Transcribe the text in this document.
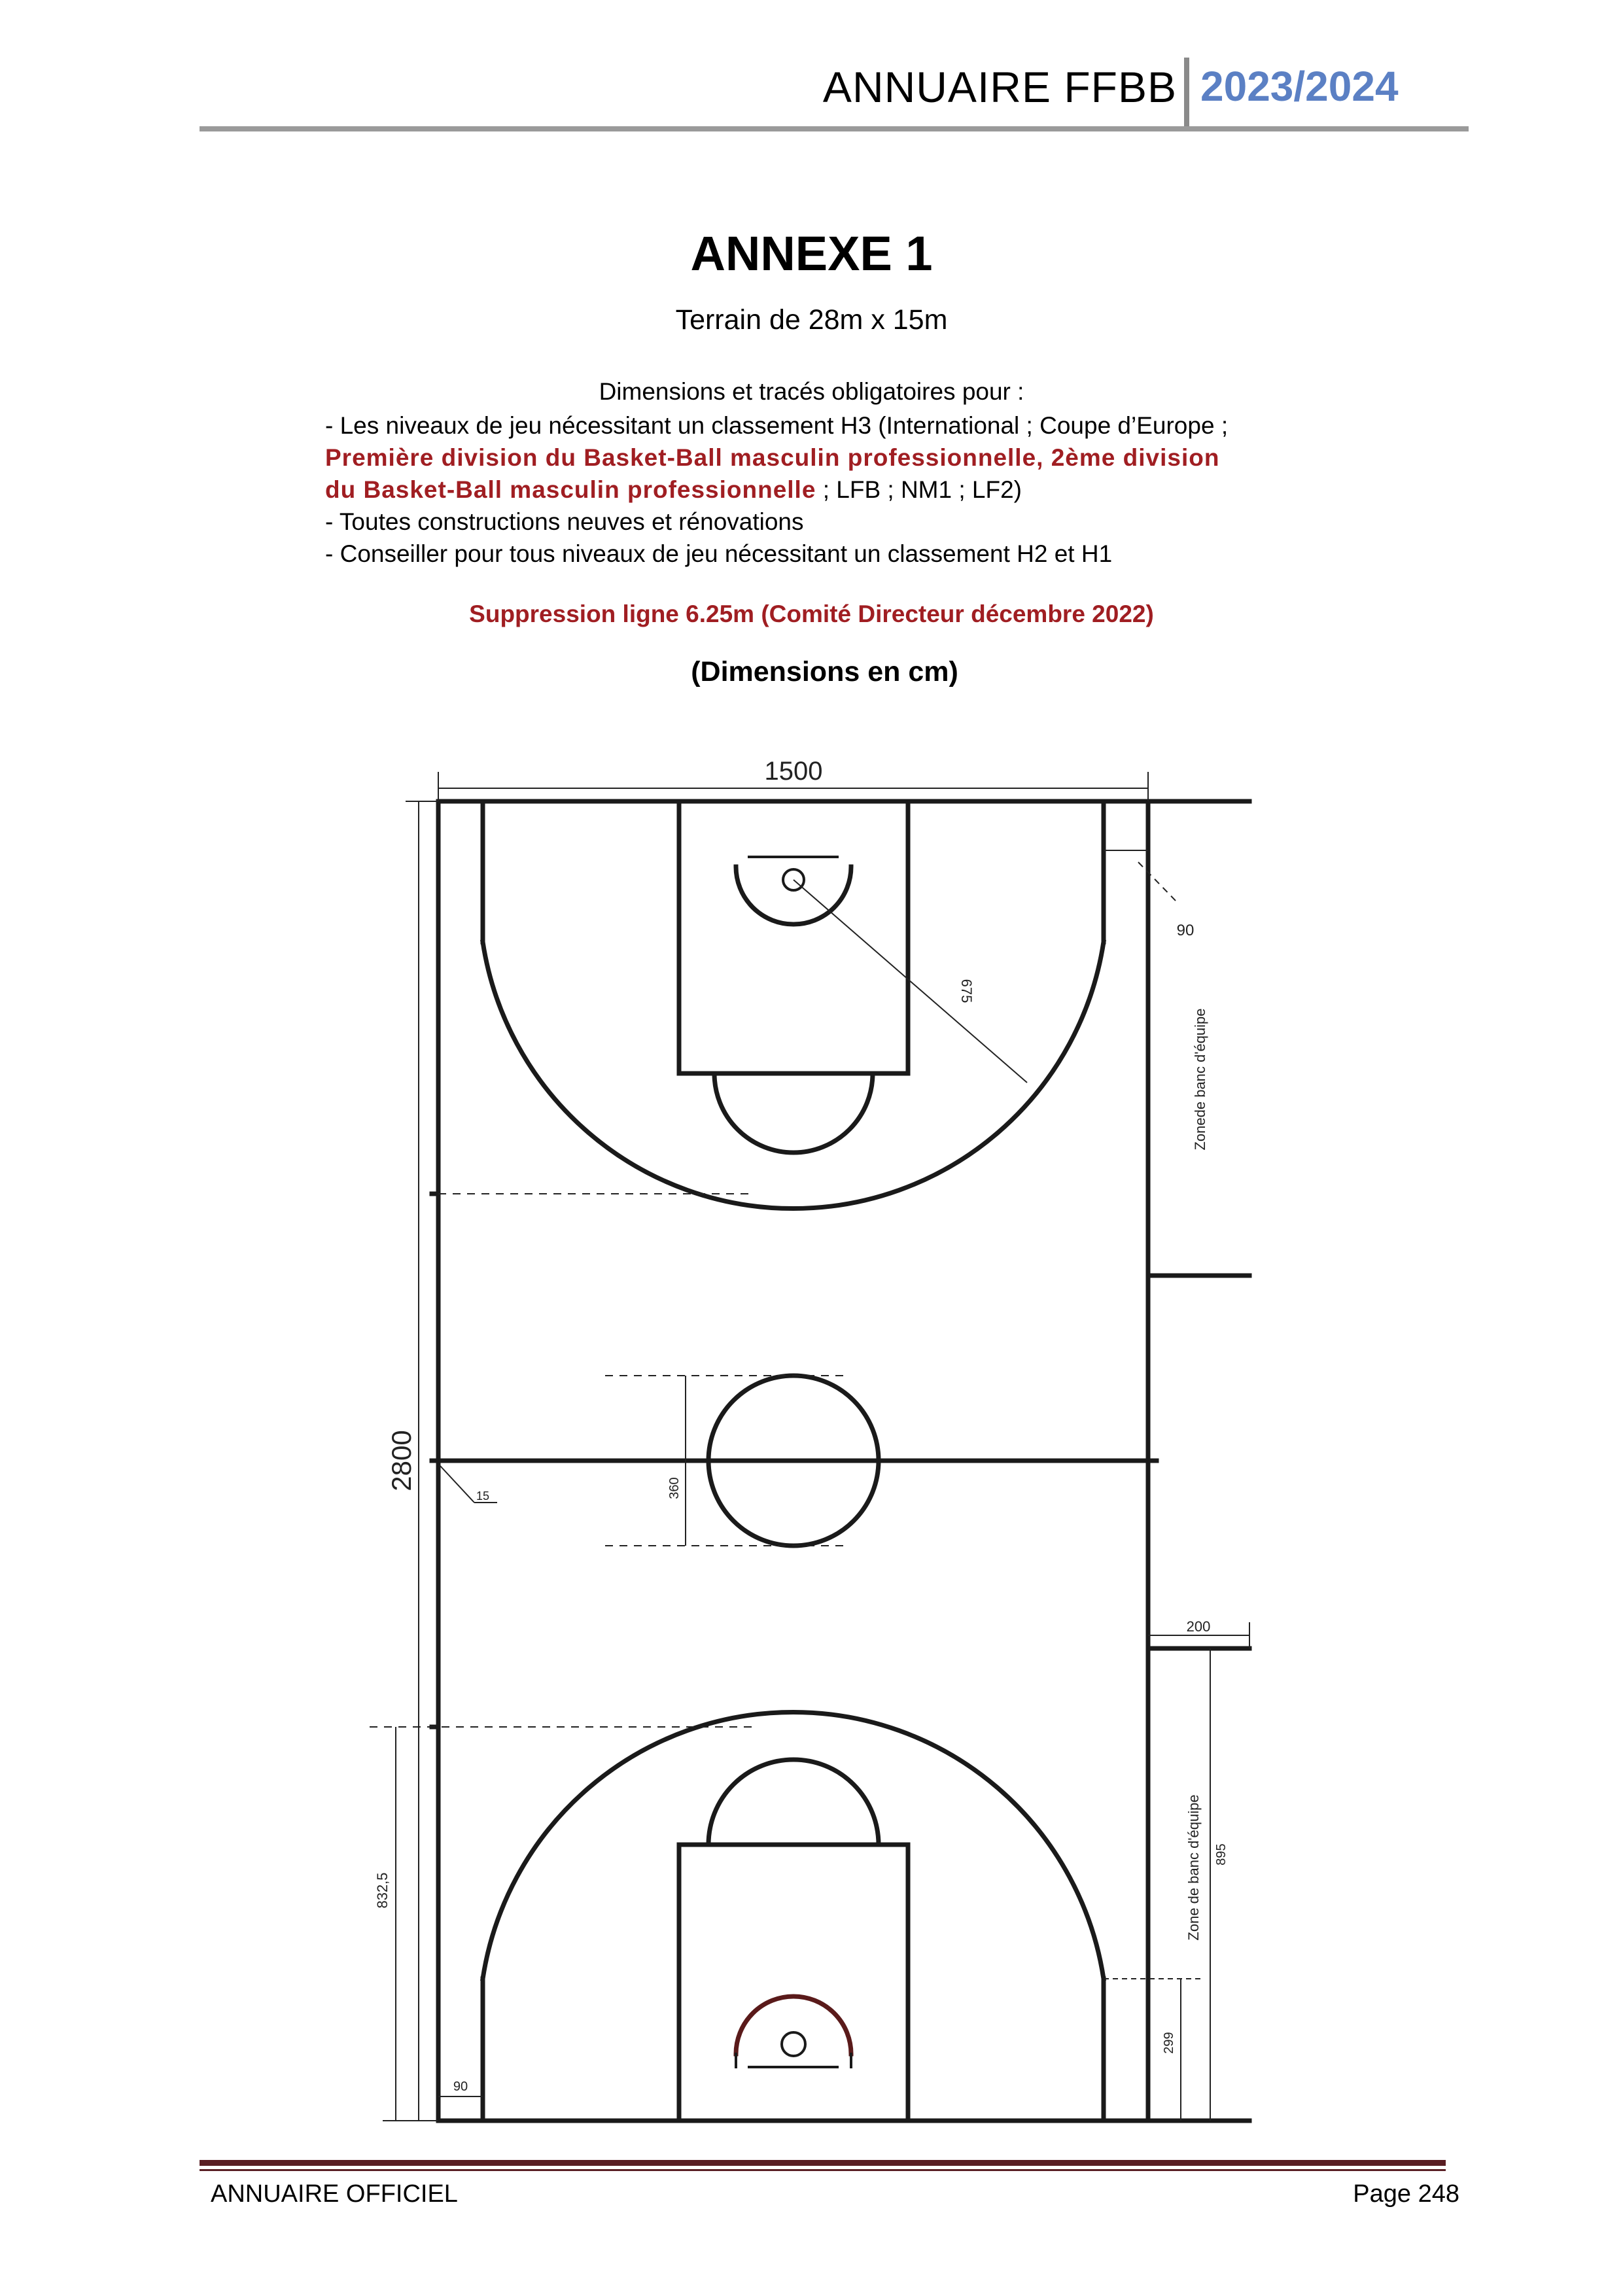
ANNUAIRE FFBB 2023/2024
ANNEXE 1
Terrain de 28m x 15m
Dimensions et tracés obligatoires pour :
- Les niveaux de jeu nécessitant un classement H3 (International ; Coupe d’Europe ;
Première division du Basket-Ball masculin professionnelle, 2ème division
du Basket-Ball masculin professionnelle ; LFB ; NM1 ; LF2)
- Toutes constructions neuves et rénovations
- Conseiller pour tous niveaux de jeu nécessitant un classement H2 et H1
Suppression ligne 6.25m (Comité Directeur décembre 2022)
(Dimensions en cm)
1500
2800
90
675
Zonede banc d'équipe
360
15
200
Zone de banc d'équipe 895
832,5
299
90
ANNUAIRE OFFICIEL	Page 248
